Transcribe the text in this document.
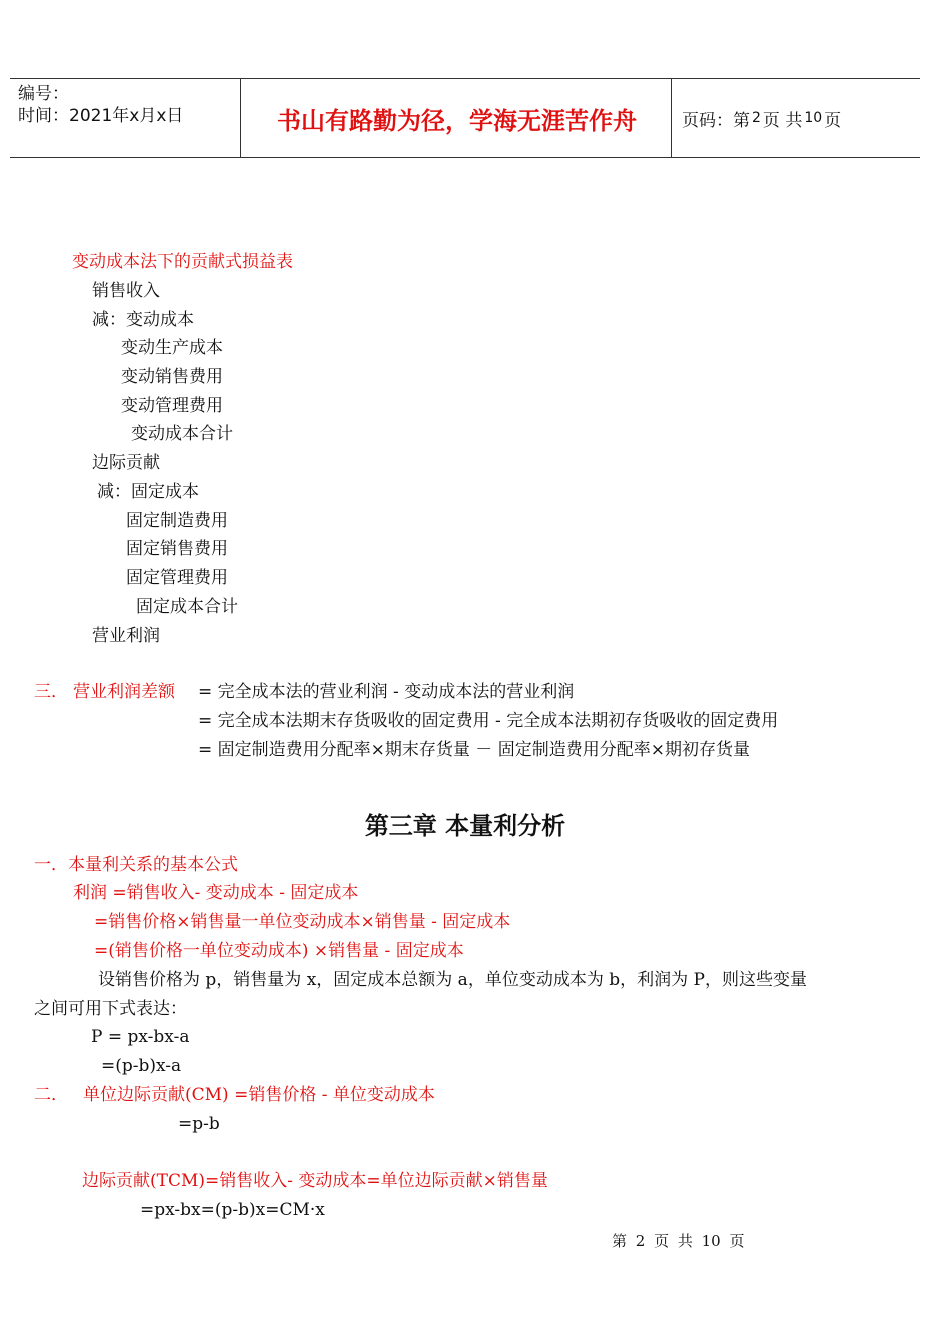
编号：
时间：2021年x月x日	书山有路勤为径，学海无涯苦作舟	页码：第 2 页 共 10 页
变动成本法下的贡献式损益表
销售收入
减：变动成本
变动生产成本
变动销售费用
变动管理费用
变动成本合计
边际贡献
减：固定成本
固定制造费用
固定销售费用
固定管理费用
固定成本合计
营业利润
三． 营业利润差额 = 完全成本法的营业利润 - 变动成本法的营业利润
= 完全成本法期末存货吸收的固定费用 - 完全成本法期初存货吸收的固定费用
= 固定制造费用分配率×期末存货量 － 固定制造费用分配率×期初存货量
第三章 本量利分析
一．本量利关系的基本公式
利润 =销售收入- 变动成本 - 固定成本
=销售价格×销售量一单位变动成本×销售量 - 固定成本
=(销售价格一单位变动成本) ×销售量 - 固定成本
设销售价格为 p，销售量为 x，固定成本总额为 a，单位变动成本为 b，利润为 P，则这些变量
之间可用下式表达：
P = px-bx-a
=(p-b)x-a
二． 单位边际贡献(CM) =销售价格 - 单位变动成本
=p-b
边际贡献(TCM)=销售收入- 变动成本=单位边际贡献×销售量
=px-bx=(p-b)x=CM·x
第 2 页 共 10 页
